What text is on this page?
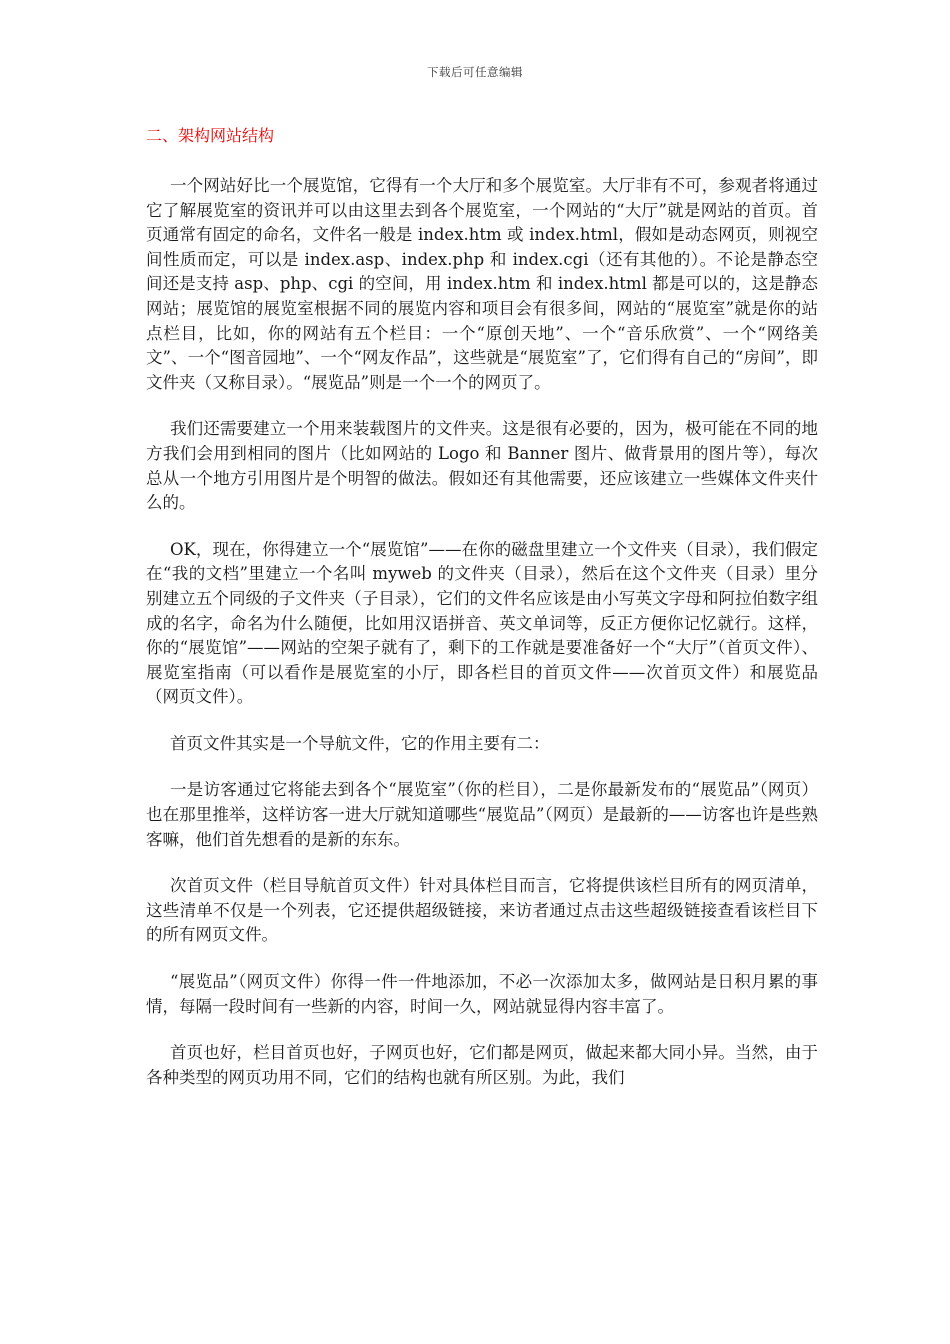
下载后可任意编辑
二、架构网站结构

一个网站好比一个展览馆，它得有一个大厅和多个展览室。大厅非有不可，参观者将通过它了解展览室的资讯并可以由这里去到各个展览室，一个网站的“大厅”就是网站的首页。首页通常有固定的命名，文件名一般是 index.htm 或 index.html，假如是动态网页，则视空间性质而定，可以是 index.asp、index.php 和 index.cgi（还有其他的）。不论是静态空间还是支持 asp、php、cgi 的空间，用 index.htm 和 index.html 都是可以的，这是静态网站；展览馆的展览室根据不同的展览内容和项目会有很多间，网站的“展览室”就是你的站点栏目，比如，你的网站有五个栏目：一个“原创天地”、一个“音乐欣赏”、一个“网络美文”、一个“图音园地”、一个“网友作品”，这些就是“展览室”了，它们得有自己的“房间”，即文件夹（又称目录）。“展览品”则是一个一个的网页了。

我们还需要建立一个用来装载图片的文件夹。这是很有必要的，因为，极可能在不同的地方我们会用到相同的图片（比如网站的 Logo 和 Banner 图片、做背景用的图片等），每次总从一个地方引用图片是个明智的做法。假如还有其他需要，还应该建立一些媒体文件夹什么的。

OK，现在，你得建立一个“展览馆”——在你的磁盘里建立一个文件夹（目录），我们假定在“我的文档”里建立一个名叫 myweb 的文件夹（目录），然后在这个文件夹（目录）里分别建立五个同级的子文件夹（子目录），它们的文件名应该是由小写英文字母和阿拉伯数字组成的名字，命名为什么随便，比如用汉语拼音、英文单词等，反正方便你记忆就行。这样，你的“展览馆”——网站的空架子就有了，剩下的工作就是要准备好一个“大厅”（首页文件）、展览室指南（可以看作是展览室的小厅，即各栏目的首页文件——次首页文件）和展览品（网页文件）。

首页文件其实是一个导航文件，它的作用主要有二：

一是访客通过它将能去到各个“展览室”（你的栏目），二是你最新发布的“展览品”（网页）也在那里推举，这样访客一进大厅就知道哪些“展览品”（网页）是最新的——访客也许是些熟客嘛，他们首先想看的是新的东东。

次首页文件（栏目导航首页文件）针对具体栏目而言，它将提供该栏目所有的网页清单，这些清单不仅是一个列表，它还提供超级链接，来访者通过点击这些超级链接查看该栏目下的所有网页文件。

“展览品”（网页文件）你得一件一件地添加，不必一次添加太多，做网站是日积月累的事情，每隔一段时间有一些新的内容，时间一久，网站就显得内容丰富了。

首页也好，栏目首页也好，子网页也好，它们都是网页，做起来都大同小异。当然，由于各种类型的网页功用不同，它们的结构也就有所区别。为此，我们
